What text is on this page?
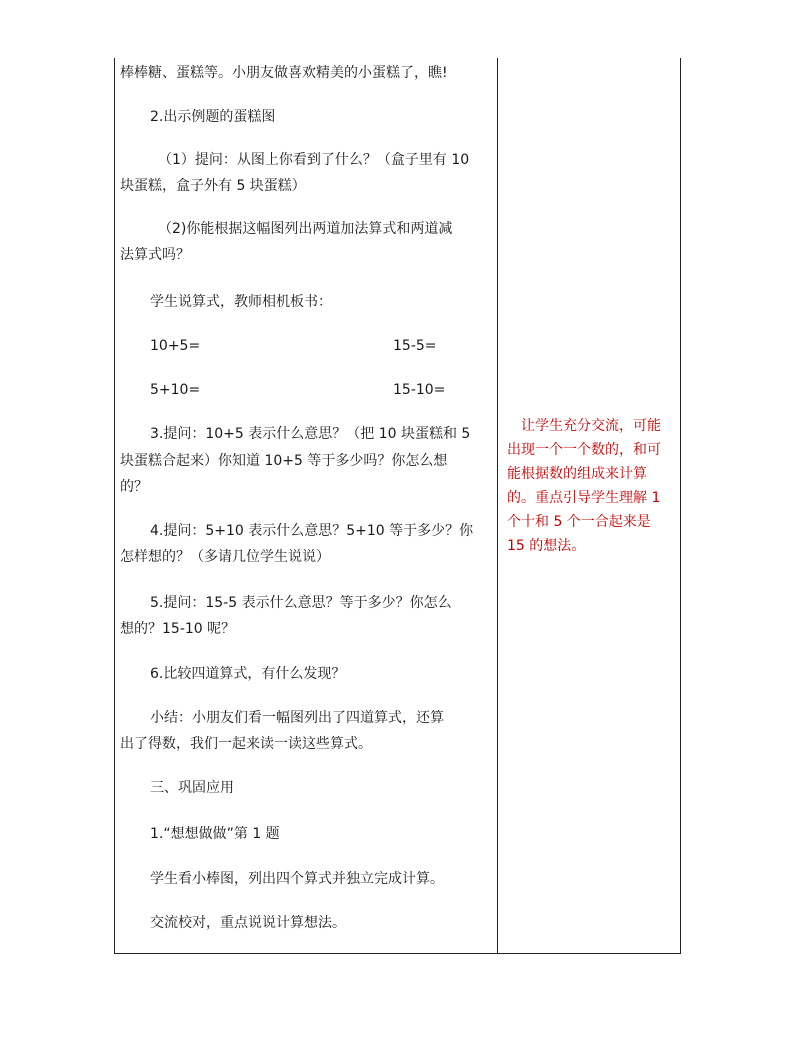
棒棒糖、蛋糕等。小朋友做喜欢精美的小蛋糕了，瞧!
2.出示例题的蛋糕图
（1）提问：从图上你看到了什么？（盒子里有 10
块蛋糕，盒子外有 5 块蛋糕）
（2)你能根据这幅图列出两道加法算式和两道减
法算式吗？
学生说算式，教师相机板书：
10+5=	15-5=
5+10=	15-10=
3.提问：10+5 表示什么意思？（把 10 块蛋糕和 5
块蛋糕合起来）你知道 10+5 等于多少吗？你怎么想
的？
4.提问：5+10 表示什么意思？5+10 等于多少？你
怎样想的？（多请几位学生说说）
5.提问：15-5 表示什么意思？等于多少？你怎么
想的？15-10 呢？
6.比较四道算式，有什么发现？
小结：小朋友们看一幅图列出了四道算式，还算
出了得数，我们一起来读一读这些算式。
三、巩固应用
1.“想想做做”第 1 题
学生看小棒图，列出四个算式并独立完成计算。
交流校对，重点说说计算想法。
让学生充分交流，可能
出现一个一个数的，和可
能根据数的组成来计算
的。重点引导学生理解 1
个十和 5 个一合起来是
15 的想法。
